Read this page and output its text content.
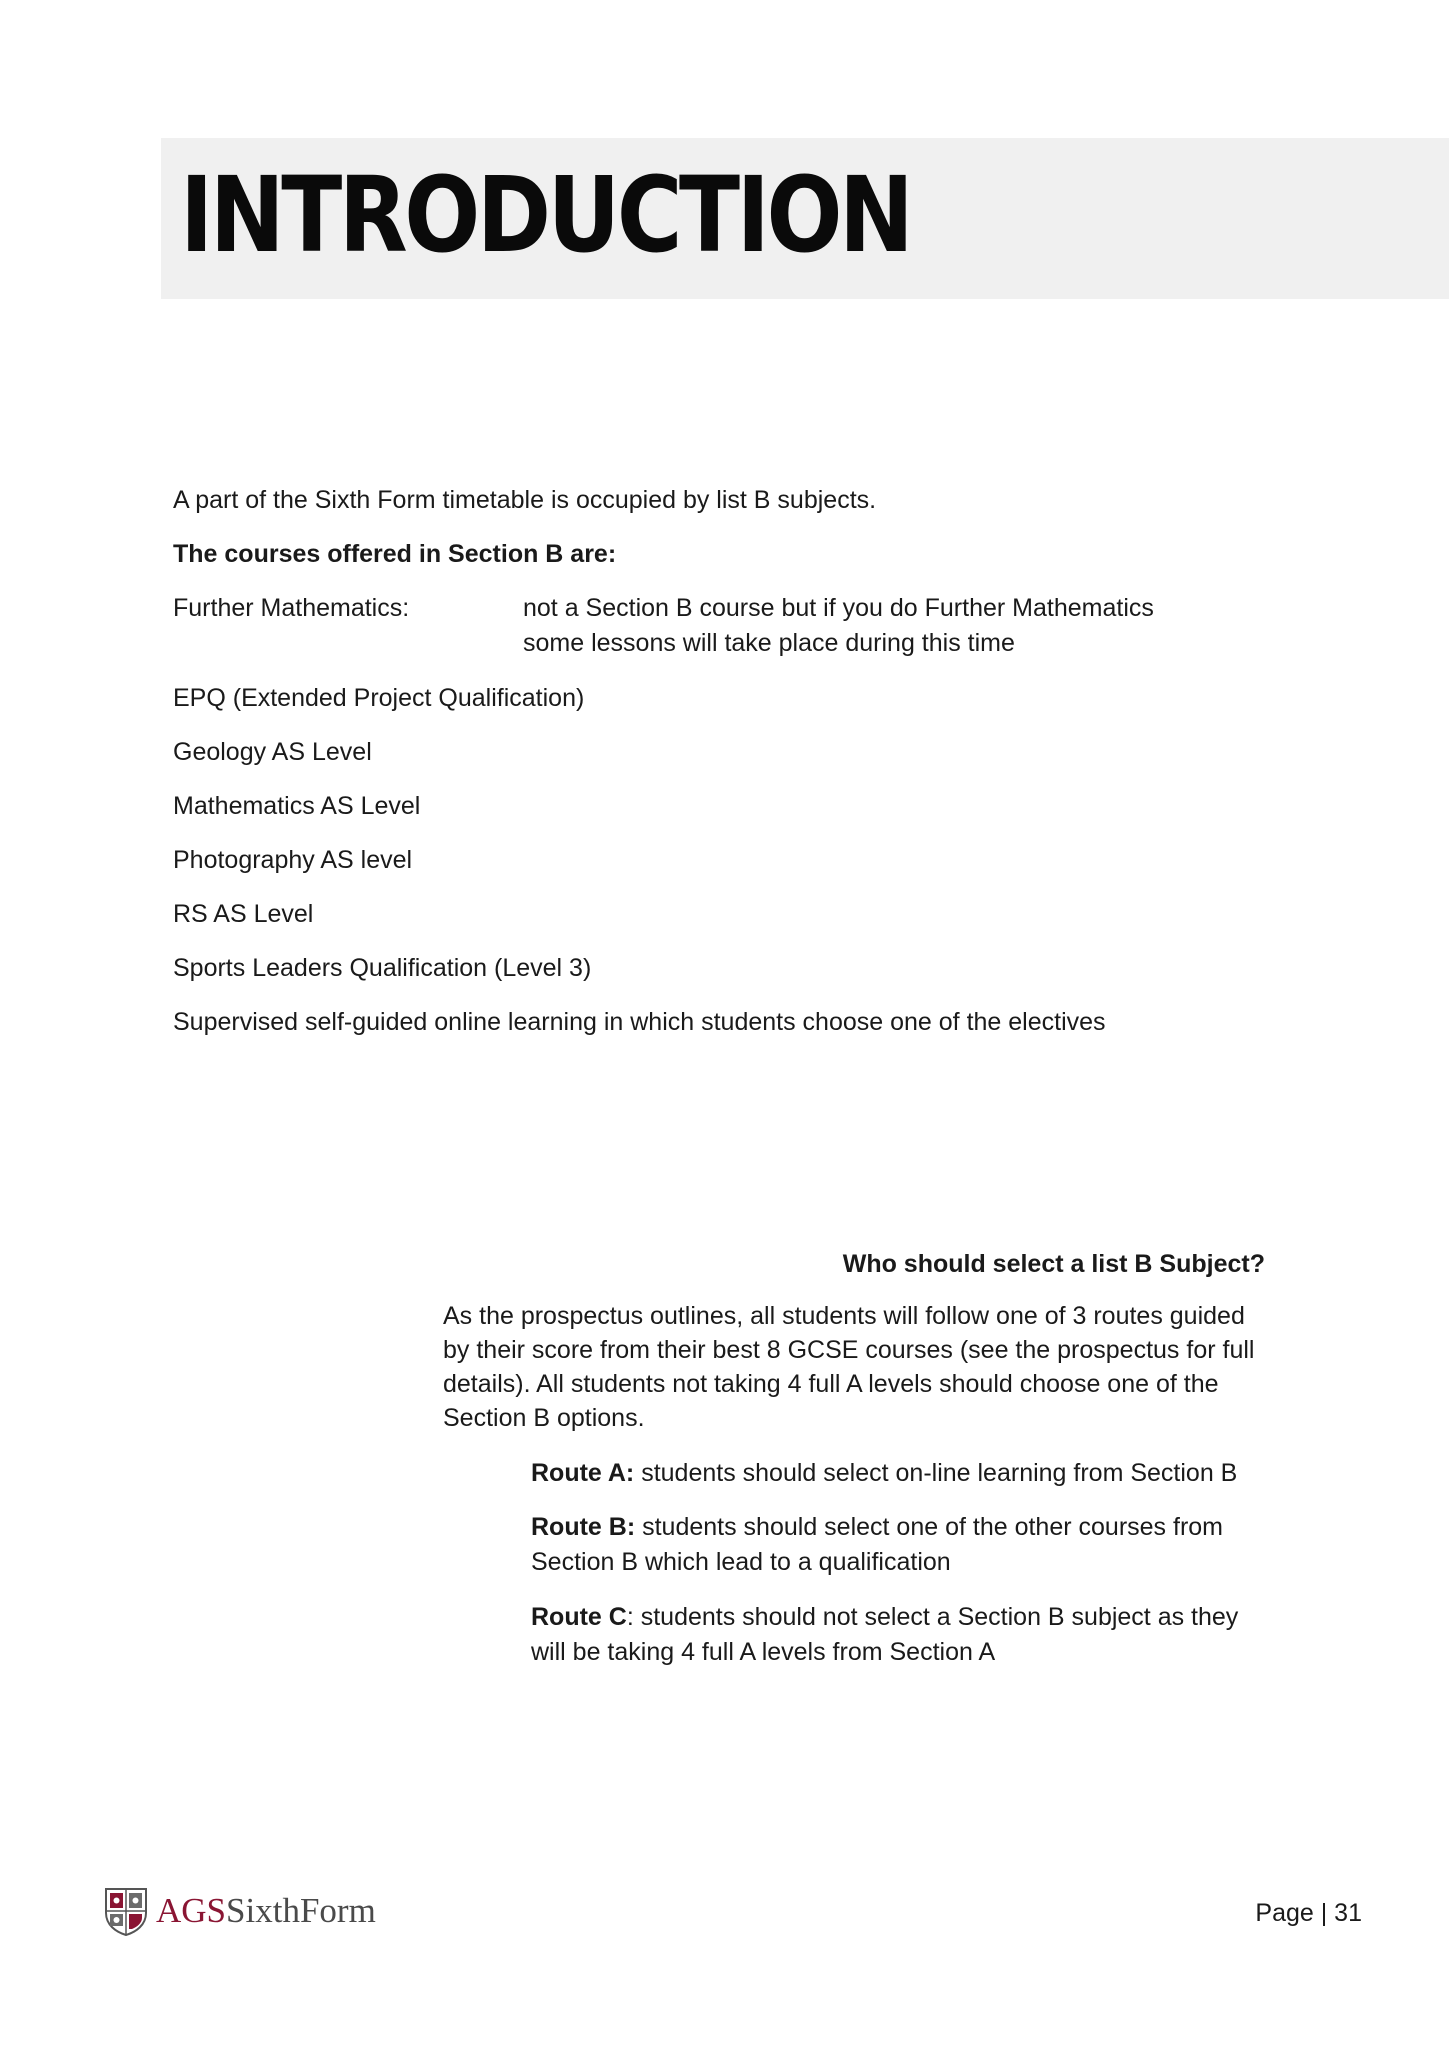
INTRODUCTION
A part of the Sixth Form timetable is occupied by list B subjects.
The courses offered in Section B are:
Further Mathematics:	not a Section B course but if you do Further Mathematics
some lessons will take place during this time
EPQ (Extended Project Qualification)
Geology AS Level
Mathematics AS Level
Photography AS level
RS AS Level
Sports Leaders Qualification (Level 3)
Supervised self-guided online learning in which students choose one of the electives
Who should select a list B Subject?
As the prospectus outlines, all students will follow one of 3 routes guided
by their score from their best 8 GCSE courses (see the prospectus for full
details). All students not taking 4 full A levels should choose one of the
Section B options.
Route A: students should select on-line learning from Section B
Route B: students should select one of the other courses from
Section B which lead to a qualification
Route C: students should not select a Section B subject as they
will be taking 4 full A levels from Section A
AGSSixthForm	Page | 31
